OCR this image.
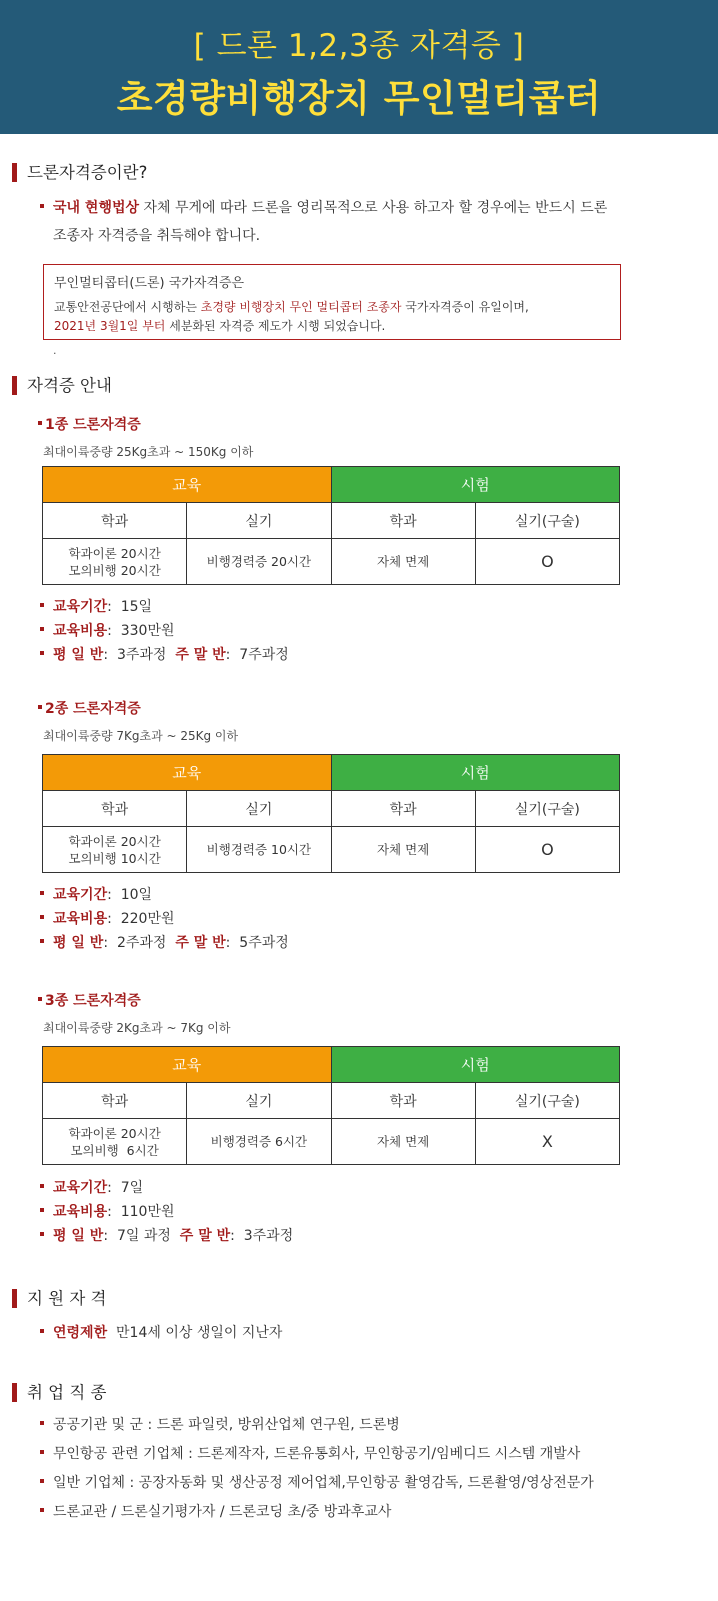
[ 드론 1,2,3종 자격증 ]
초경량비행장치 무인멀티콥터
드론자격증이란?
국내 현행법상 자체 무게에 따라 드론을 영리목적으로 사용 하고자 할 경우에는 반드시 드론
조종자 자격증을 취득해야 합니다.
무인멀티콥터(드론) 국가자격증은
교통안전공단에서 시행하는 초경량 비행장치 무인 멀티콥터 조종자 국가자격증이 유일이며,
2021년 3월1일 부터 세분화된 자격증 제도가 시행 되었습니다.
.
자격증 안내
1종 드론자격증
최대이륙중량 25Kg초과 ~ 150Kg 이하
교육		시험	
학과	실기	학과	실기(구술)

학과이론 20시간
모의비행 20시간	비행경력증 20시간	자체 면제	O
교육기간:  15일
교육비용:  330만원
평 일 반:  3주과정 주 말 반:  7주과정
2종 드론자격증
최대이륙중량 7Kg초과 ~ 25Kg 이하
교육		시험	
학과	실기	학과	실기(구술)

학과이론 20시간
모의비행 10시간	비행경력증 10시간	자체 면제	O
교육기간:  10일
교육비용:  220만원
평 일 반:  2주과정 주 말 반:  5주과정
3종 드론자격증
최대이륙중량 2Kg초과 ~ 7Kg 이하
교육		시험	
학과	실기	학과	실기(구술)

학과이론 20시간
모의비행  6시간	비행경력증 6시간	자체 면제	X
교육기간:  7일
교육비용:  110만원
평 일 반:  7일 과정 주 말 반:  3주과정
지 원 자 격
연령제한 만14세 이상 생일이 지난자
취 업 직 종
공공기관 및 군 : 드론 파일럿, 방위산업체 연구원, 드론병
무인항공 관련 기업체 : 드론제작자, 드론유통회사, 무인항공기/임베디드 시스템 개발사
일반 기업체 : 공장자동화 및 생산공정 제어업체,무인항공 촬영감독, 드론촬영/영상전문가
드론교관 / 드론실기평가자 / 드론코딩 초/중 방과후교사
